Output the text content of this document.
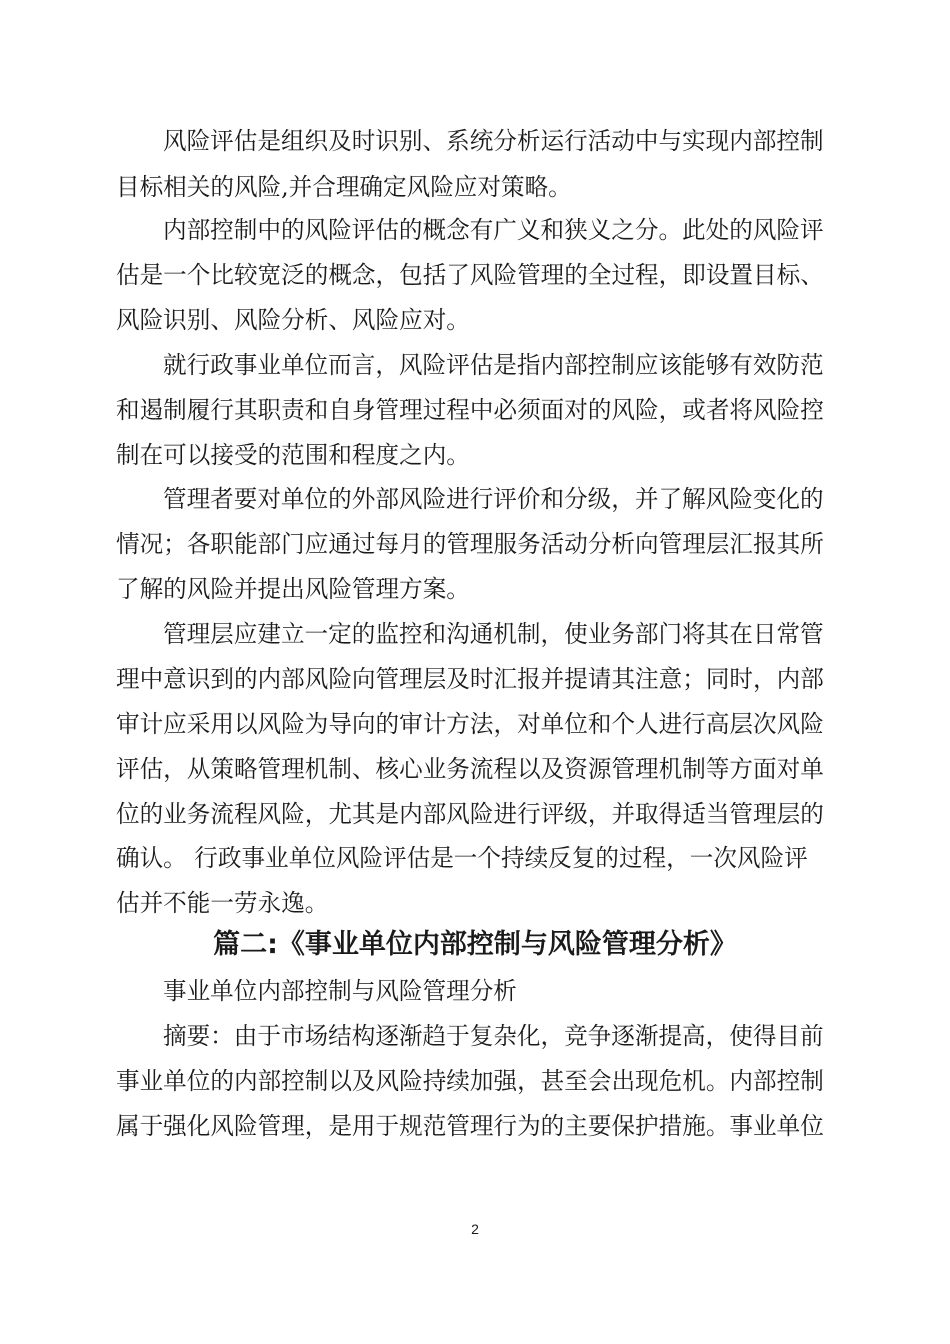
风险评估是组织及时识别、系统分析运行活动中与实现内部控制
目标相关的风险,并合理确定风险应对策略。
内部控制中的风险评估的概念有广义和狭义之分。此处的风险评
估是一个比较宽泛的概念，包括了风险管理的全过程，即设置目标、
风险识别、风险分析、风险应对。
就行政事业单位而言，风险评估是指内部控制应该能够有效防范
和遏制履行其职责和自身管理过程中必须面对的风险，或者将风险控
制在可以接受的范围和程度之内。
管理者要对单位的外部风险进行评价和分级，并了解风险变化的
情况；各职能部门应通过每月的管理服务活动分析向管理层汇报其所
了解的风险并提出风险管理方案。
管理层应建立一定的监控和沟通机制，使业务部门将其在日常管
理中意识到的内部风险向管理层及时汇报并提请其注意；同时，内部
审计应采用以风险为导向的审计方法，对单位和个人进行高层次风险
评估，从策略管理机制、核心业务流程以及资源管理机制等方面对单
位的业务流程风险，尤其是内部风险进行评级，并取得适当管理层的
确认。 行政事业单位风险评估是一个持续反复的过程，一次风险评
估并不能一劳永逸。
篇二:《事业单位内部控制与风险管理分析》
事业单位内部控制与风险管理分析
摘要：由于市场结构逐渐趋于复杂化，竞争逐渐提高，使得目前
事业单位的内部控制以及风险持续加强，甚至会出现危机。内部控制
属于强化风险管理，是用于规范管理行为的主要保护措施。事业单位
2
